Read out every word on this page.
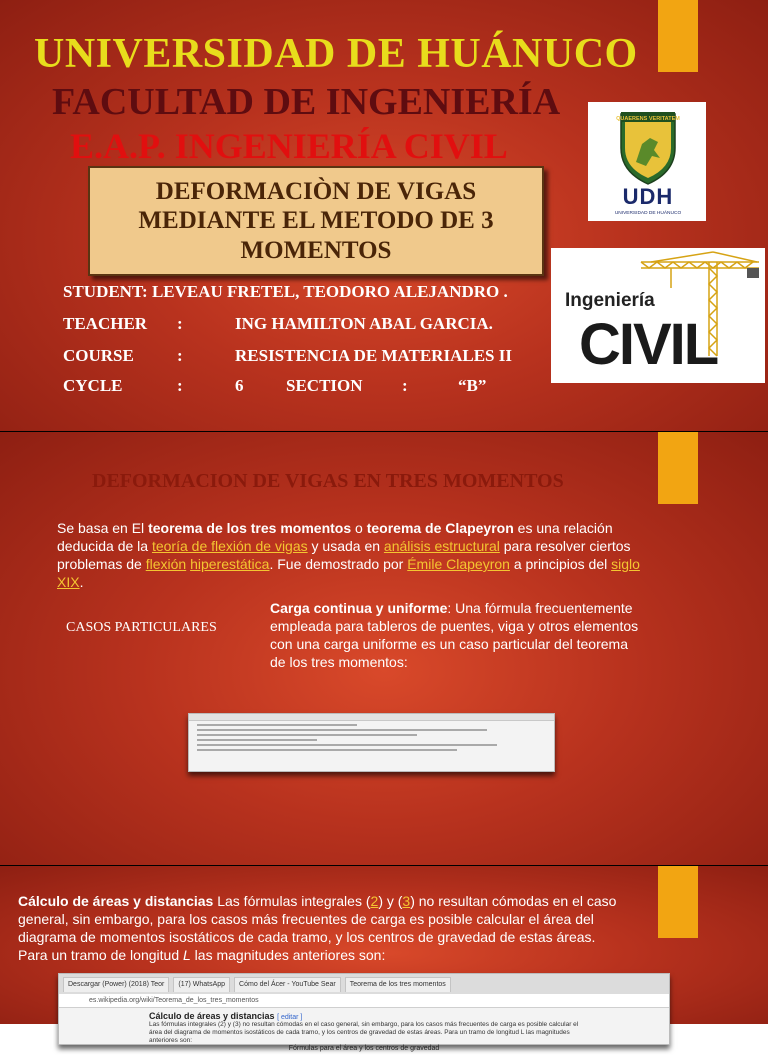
UNIVERSIDAD DE HUÁNUCO
FACULTAD DE INGENIERÍA
E.A.P. INGENIERÍA CIVIL
DEFORMACIÒN DE VIGAS
MEDIANTE EL METODO DE 3
MOMENTOS
STUDENT: LEVEAU FRETEL, TEODORO ALEJANDRO .
TEACHER :	ING HAMILTON ABAL GARCIA.
COURSE	:	RESISTENCIA DE MATERIALES II
CYCLE	:	6	SECTION :	“B”
QUAERENS VERITATEM
UDH
UNIVERSIDAD DE HUÁNUCO
Ingeniería
CIVIL
DEFORMACION DE VIGAS EN TRES MOMENTOS
Se basa en El teorema de los tres momentos o teorema de Clapeyron es una relación deducida de la teoría de flexión de vigas y usada en análisis estructural para resolver ciertos problemas de flexión hiperestática. Fue demostrado por Émile Clapeyron a principios del siglo XIX.
CASOS PARTICULARES
Carga continua y uniforme: Una fórmula frecuentemente empleada para tableros de puentes, viga y otros elementos con una carga uniforme es un caso particular del teorema de los tres momentos:
Cálculo de áreas y distancias Las fórmulas integrales (2) y (3) no resultan cómodas en el caso general, sin embargo, para los casos más frecuentes de carga es posible calcular el área del diagrama de momentos isostáticos de cada tramo, y los centros de gravedad de estas áreas. Para un tramo de longitud L las magnitudes anteriores son:
Descargar (Power) (2018) Teor	(17) WhatsApp	Cómo del Ácer - YouTube Sear	Teorema de los tres momentos
es.wikipedia.org/wiki/Teorema_de_los_tres_momentos
Cálculo de áreas y distancias [ editar ]
Las fórmulas integrales (2) y (3) no resultan cómodas en el caso general, sin embargo, para los casos más frecuentes de carga es posible calcular el área del diagrama de momentos isostáticos de cada tramo, y los centros de gravedad de estas áreas. Para un tramo de longitud L las magnitudes anteriores son:
Fórmulas para el área y los centros de gravedad
